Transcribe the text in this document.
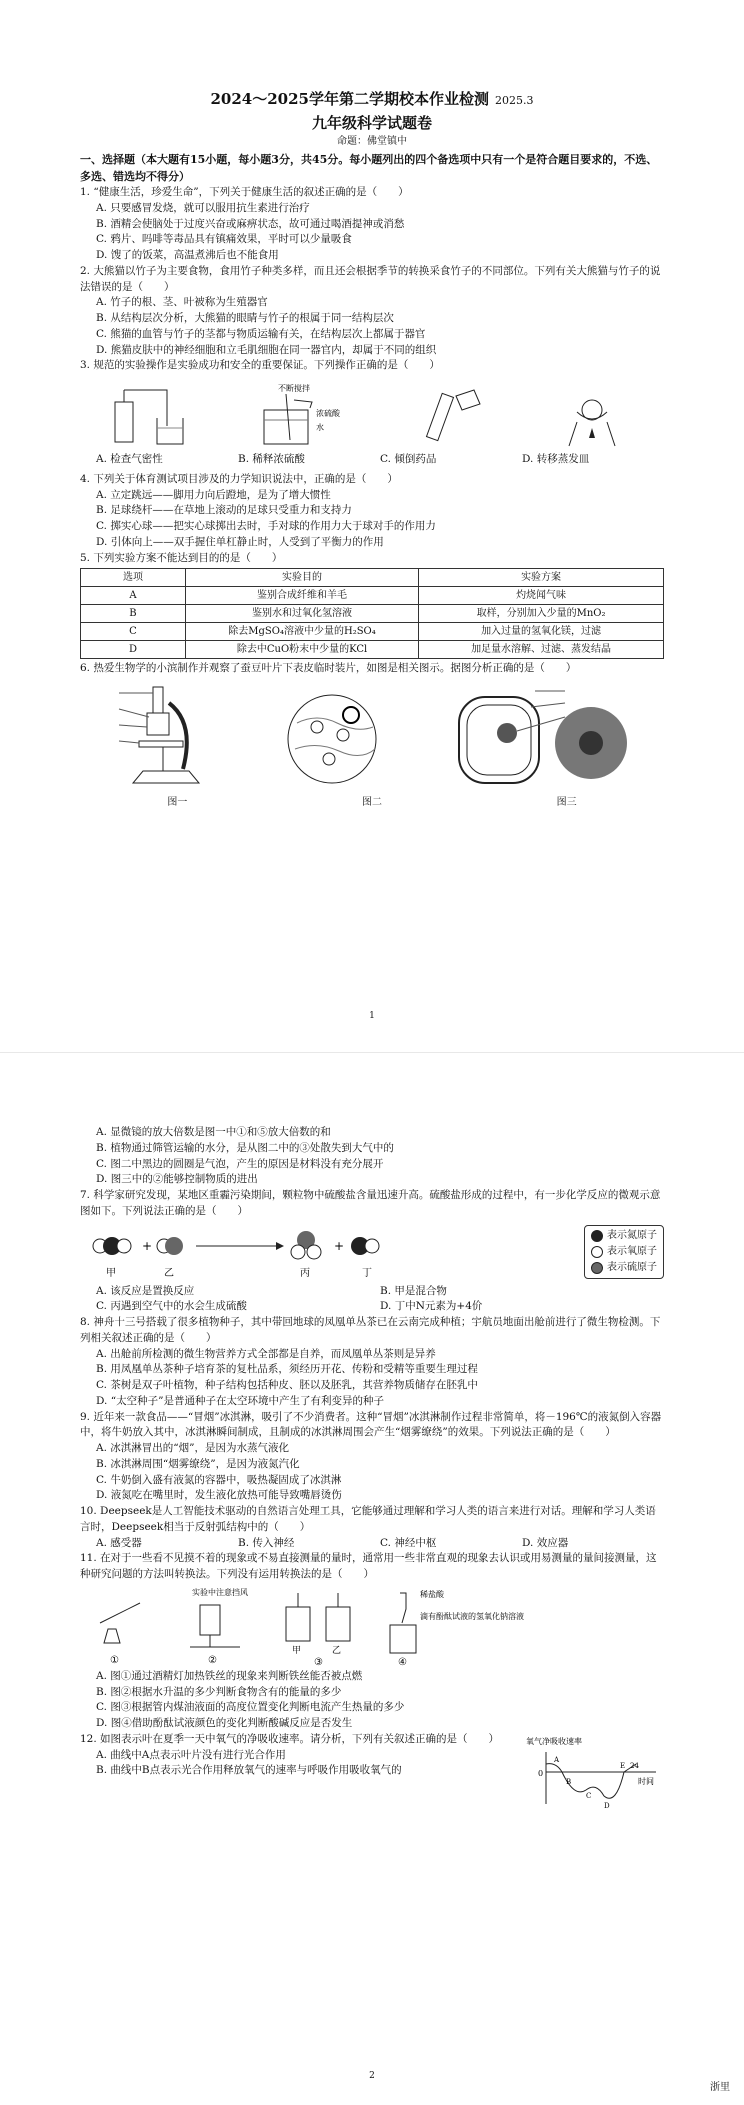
2024～2025学年第二学期校本作业检测 2025.3
九年级科学试题卷
命题：佛堂镇中

一、选择题（本大题有15小题，每小题3分，共45分。每小题列出的四个备选项中只有一个是符合题目要求的，不选、多选、错选均不得分）

1. “健康生活，珍爱生命”，下列关于健康生活的叙述正确的是（　　）

A. 只要感冒发烧，就可以服用抗生素进行治疗

B. 酒精会使脑处于过度兴奋或麻痹状态，故可通过喝酒提神或消愁

C. 鸦片、吗啡等毒品具有镇痛效果，平时可以少量吸食

D. 馊了的饭菜，高温煮沸后也不能食用

2. 大熊猫以竹子为主要食物，食用竹子种类多样，而且还会根据季节的转换采食竹子的不同部位。下列有关大熊猫与竹子的说法错误的是（　　）

A. 竹子的根、茎、叶被称为生殖器官

B. 从结构层次分析，大熊猫的眼睛与竹子的根属于同一结构层次

C. 熊猫的血管与竹子的茎都与物质运输有关，在结构层次上都属于器官

D. 熊猫皮肤中的神经细胞和立毛肌细胞在同一器官内，却属于不同的组织

3. 规范的实验操作是实验成功和安全的重要保证。下列操作正确的是（　　）

不断搅拌
浓硫酸
水
A. 检查气密性	B. 稀释浓硫酸	C. 倾倒药品	D. 转移蒸发皿

4. 下列关于体育测试项目涉及的力学知识说法中，正确的是（　　）

A. 立定跳远——脚用力向后蹬地，是为了增大惯性

B. 足球绕杆——在草地上滚动的足球只受重力和支持力

C. 掷实心球——把实心球掷出去时，手对球的作用力大于球对手的作用力

D. 引体向上——双手握住单杠静止时，人受到了平衡力的作用

5. 下列实验方案不能达到目的的是（　　）

选项	实验目的	实验方案
A	鉴别合成纤维和羊毛	灼烧闻气味
B	鉴别水和过氧化氢溶液	取样，分别加入少量的MnO₂
C	除去MgSO₄溶液中少量的H₂SO₄	加入过量的氢氧化镁，过滤
D	除去中CuO粉末中少量的KCl	加足量水溶解、过滤、蒸发结晶

6. 热爱生物学的小滨制作并观察了蚕豆叶片下表皮临时装片，如图是相关图示。据图分析正确的是（　　）

图一	图二	图三
1

A. 显微镜的放大倍数是图一中①和⑤放大倍数的和

B. 植物通过筛管运输的水分，是从图二中的③处散失到大气中的

C. 图二中黑边的圆圈是气泡，产生的原因是材料没有充分展开

D. 图三中的②能够控制物质的进出

7. 科学家研究发现，某地区重霾污染期间，颗粒物中硫酸盐含量迅速升高。硫酸盐形成的过程中，有一步化学反应的微观示意图如下。下列说法正确的是（　　）

+	+
甲	乙	丙	丁
表示氮原子
表示氧原子
表示硫原子
A. 该反应是置换反应	B. 甲是混合物
C. 丙遇到空气中的水会生成硫酸	D. 丁中N元素为+4价

8. 神舟十三号搭载了很多植物种子，其中带回地球的凤凰单丛茶已在云南完成种植；宇航员地面出舱前进行了微生物检测。下列相关叙述正确的是（　　）

A. 出舱前所检测的微生物营养方式全部都是自养，而凤凰单丛茶则是异养

B. 用凤凰单丛茶种子培育茶的复杜品系，须经历开花、传粉和受精等重要生理过程

C. 茶树是双子叶植物，种子结构包括种皮、胚以及胚乳，其营养物质储存在胚乳中

D. “太空种子”是普通种子在太空环境中产生了有利变异的种子

9. 近年来一款食品——“冒烟”冰淇淋，吸引了不少消费者。这种“冒烟”冰淇淋制作过程非常简单，将－196℃的液氮倒入容器中，将牛奶放入其中，冰淇淋瞬间制成，且制成的冰淇淋周围会产生“烟雾缭绕”的效果。下列说法正确的是（　　）

A. 冰淇淋冒出的“烟”，是因为水蒸气液化

B. 冰淇淋周围“烟雾缭绕”，是因为液氮汽化

C. 牛奶倒入盛有液氮的容器中，吸热凝固成了冰淇淋

D. 液氮吃在嘴里时，发生液化放热可能导致嘴唇烫伤

10. Deepseek是人工智能技术驱动的自然语言处理工具，它能够通过理解和学习人类的语言来进行对话。理解和学习人类语言时，Deepseek相当于反射弧结构中的（　　）

A. 感受器	B. 传入神经	C. 神经中枢	D. 效应器

11. 在对于一些看不见摸不着的现象或不易直接测量的量时，通常用一些非常直观的现象去认识或用易测量的量间接测量，这种研究问题的方法叫转换法。下列没有运用转换法的是（　　）

①
实验中注意挡风
②
甲	乙
③
稀盐酸
滴有酚酞试液的氢氧化钠溶液
④

A. 图①通过酒精灯加热铁丝的现象来判断铁丝能否被点燃

B. 图②根据水升温的多少判断食物含有的能量的多少

C. 图③根据管内煤油液面的高度位置变化判断电流产生热量的多少

D. 图④借助酚酞试液颜色的变化判断酸碱反应是否发生

12. 如图表示叶在夏季一天中氧气的净吸收速率。请分析，下列有关叙述正确的是（　　）

A. 曲线中A点表示叶片没有进行光合作用

B. 曲线中B点表示光合作用释放氧气的速率与呼吸作用吸收氧气的

氧气净吸收速率
时间
0
24
A
B
C
D
E
2
浙里
